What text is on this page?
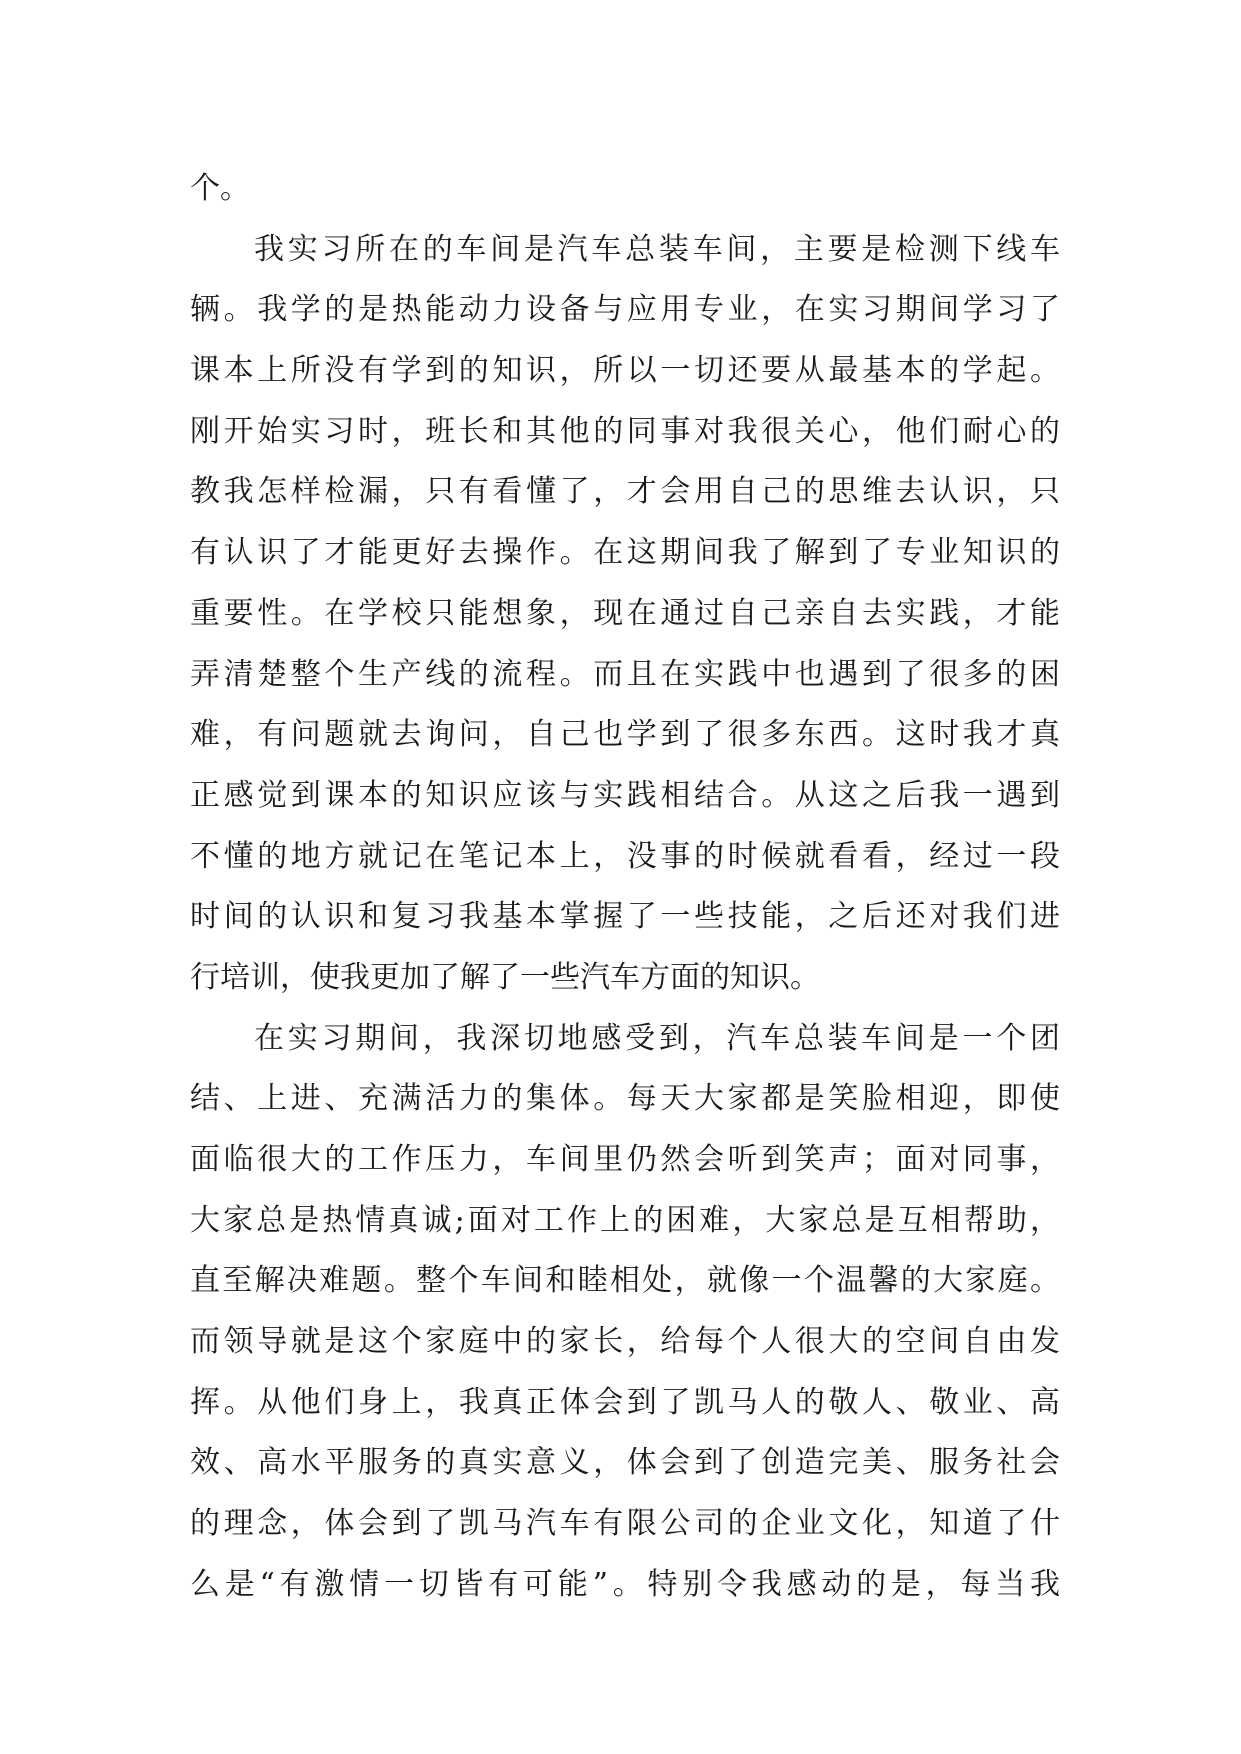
个。
我实习所在的车间是汽车总装车间，主要是检测下线车
辆。我学的是热能动力设备与应用专业，在实习期间学习了
课本上所没有学到的知识，所以一切还要从最基本的学起。
刚开始实习时，班长和其他的同事对我很关心，他们耐心的
教我怎样检漏，只有看懂了，才会用自己的思维去认识，只
有认识了才能更好去操作。在这期间我了解到了专业知识的
重要性。在学校只能想象，现在通过自己亲自去实践，才能
弄清楚整个生产线的流程。而且在实践中也遇到了很多的困
难，有问题就去询问，自己也学到了很多东西。这时我才真
正感觉到课本的知识应该与实践相结合。从这之后我一遇到
不懂的地方就记在笔记本上，没事的时候就看看，经过一段
时间的认识和复习我基本掌握了一些技能，之后还对我们进
行培训，使我更加了解了一些汽车方面的知识。
在实习期间，我深切地感受到，汽车总装车间是一个团
结、上进、充满活力的集体。每天大家都是笑脸相迎，即使
面临很大的工作压力，车间里仍然会听到笑声；面对同事，
大家总是热情真诚;面对工作上的困难，大家总是互相帮助，
直至解决难题。整个车间和睦相处，就像一个温馨的大家庭。
而领导就是这个家庭中的家长，给每个人很大的空间自由发
挥。从他们身上，我真正体会到了凯马人的敬人、敬业、高
效、高水平服务的真实意义，体会到了创造完美、服务社会
的理念，体会到了凯马汽车有限公司的企业文化，知道了什
么是“有激情一切皆有可能”。特别令我感动的是，每当我
